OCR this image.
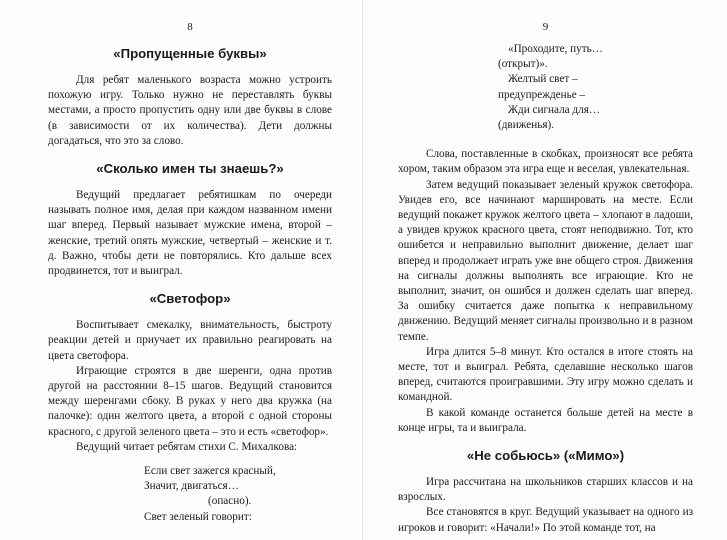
8
«Пропущенные буквы»

Для ребят маленького возраста можно устроить похожую игру. Только нужно не переставлять буквы местами, а просто пропустить одну или две буквы в слове (в зависимости от их количества). Дети должны догадаться, что это за слово.

«Сколько имен ты знаешь?»

Ведущий предлагает ребятишкам по очереди называть полное имя, делая при каждом названном имени шаг вперед. Первый называет мужские имена, второй – женские, третий опять мужские, четвертый – женские и т. д. Важно, чтобы дети не повторялись. Кто дальше всех продвинется, тот и выиграл.

«Светофор»

Воспитывает смекалку, внимательность, быстроту реакции детей и приучает их правильно реагировать на цвета светофора.

Играющие строятся в две шеренги, одна против другой на расстоянии 8–15 шагов. Ведущий становится между шеренгами сбоку. В руках у него два кружка (на палочке): один желтого цвета, а второй с одной стороны красного, с другой зеленого цвета – это и есть «светофор».

Ведущий читает ребятам стихи С. Михалкова:

Если свет зажегся красный,

Значит, двигаться…

(опасно).

Свет зеленый говорит:

9

«Проходите, путь…

(открыт)».

Желтый свет –

предупрежденье –

Жди сигнала для…

(движенья).

Слова, поставленные в скобках, произносят все ребята хором, таким образом эта игра еще и веселая, увлекательная.

Затем ведущий показывает зеленый кружок светофора. Увидев его, все начинают маршировать на месте. Если ведущий покажет кружок желтого цвета – хлопают в ладоши, а увидев кружок красного цвета, стоят неподвижно. Тот, кто ошибется и неправильно выполнит движение, делает шаг вперед и продолжает играть уже вне общего строя. Движения на сигналы должны выполнять все играющие. Кто не выполнит, значит, он ошибся и должен сделать шаг вперед. За ошибку считается даже попытка к неправильному движению. Ведущий меняет сигналы произвольно и в разном темпе.

Игра длится 5–8 минут. Кто остался в итоге стоять на месте, тот и выиграл. Ребята, сделавшие несколько шагов вперед, считаются проигравшими. Эту игру можно сделать и командной.

В какой команде останется больше детей на месте в конце игры, та и выиграла.

«Не собьюсь» («Мимо»)

Игра рассчитана на школьников старших классов и на взрослых.

Все становятся в круг. Ведущий указывает на одного из игроков и говорит: «Начали!» По этой команде тот, на
